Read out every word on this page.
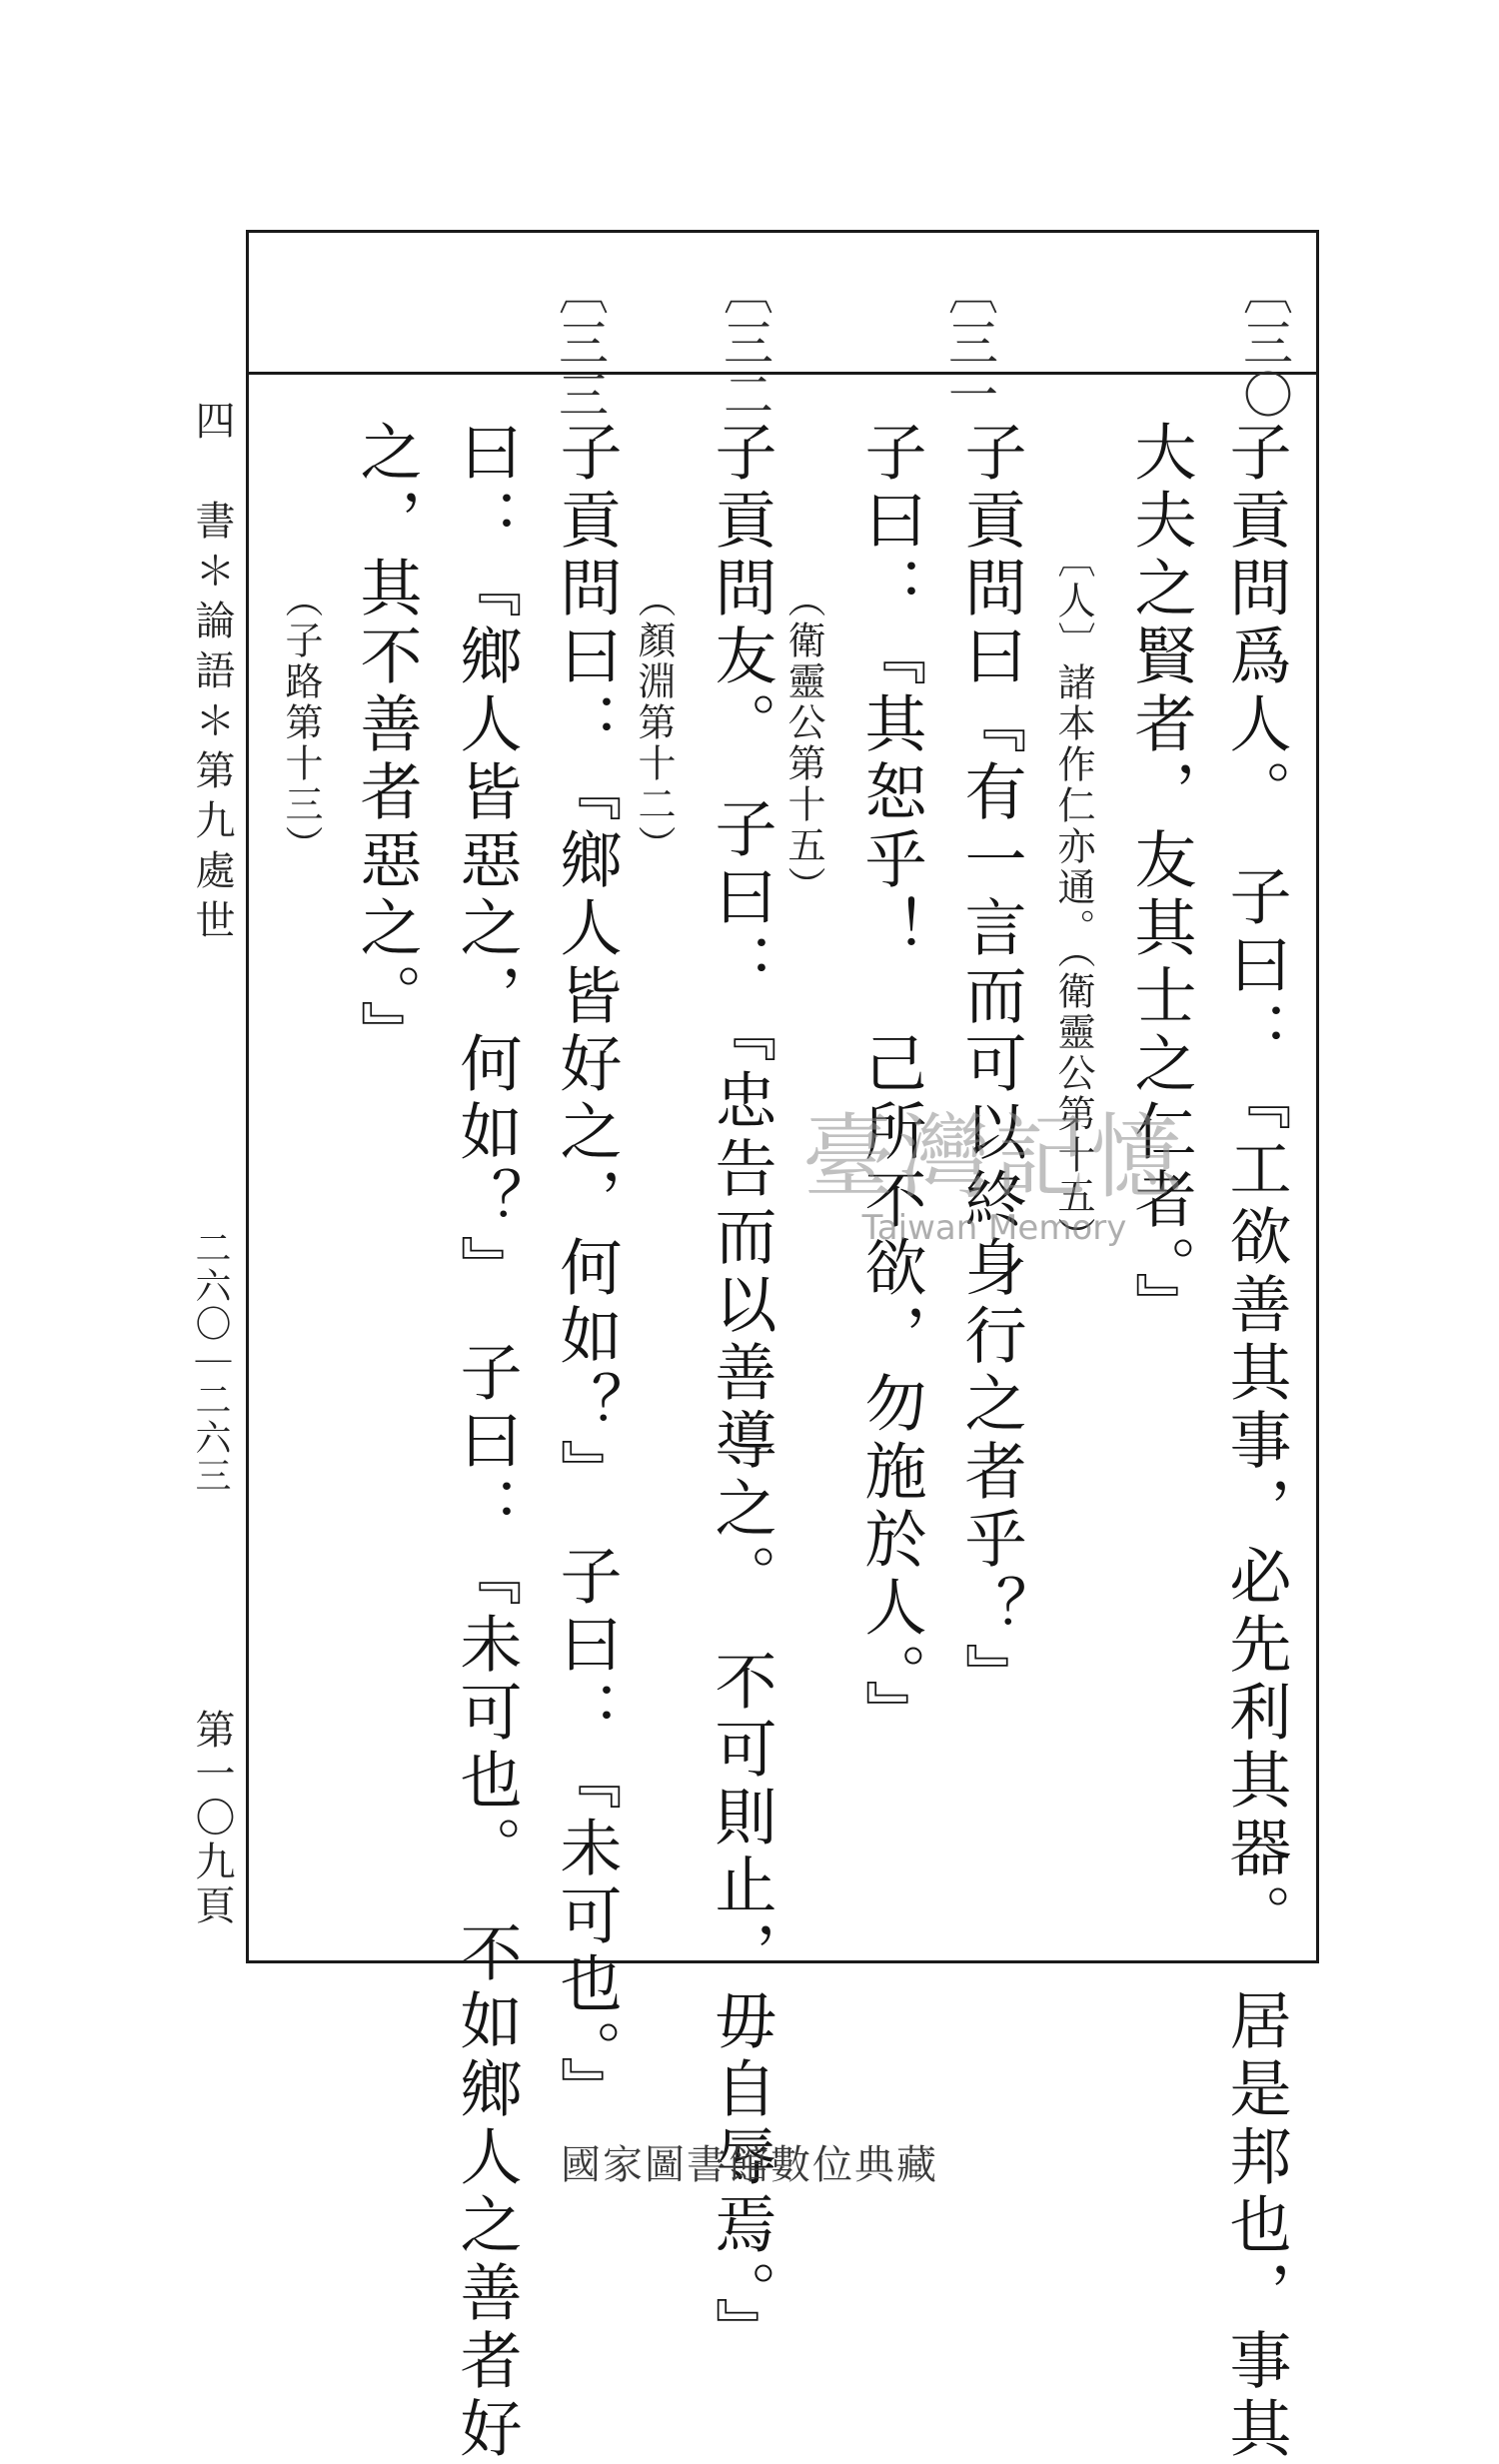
〔三〇
〔三一
〔三二
〔三三
子貢問爲人。　子曰：『工欲善其事，必先利其器。　居是邦也，事其
大夫之賢者，友其士之仁者。』
〔人〕諸本作仁亦通。（衛靈公第十五）
子貢問曰『有一言而可以終身行之者乎？』
子曰：『其恕乎！　己所不欲，勿施於人。』
（衛靈公第十五）
子貢問友。　子曰：『忠告而以善導之。　不可則止，毋自辱焉。』
（顏淵第十二）
子貢問曰：『鄉人皆好之，何如？』　子曰：『未可也。』
曰：『鄉人皆惡之，何如？』　子曰：『未可也。　不如鄉人之善者好
之，其不善者惡之。』
（子路第十三）
四　書＊論語＊第九處世
二六〇｜二六三
第一〇九頁
臺灣記憶
Taiwan Memory
國家圖書館數位典藏
